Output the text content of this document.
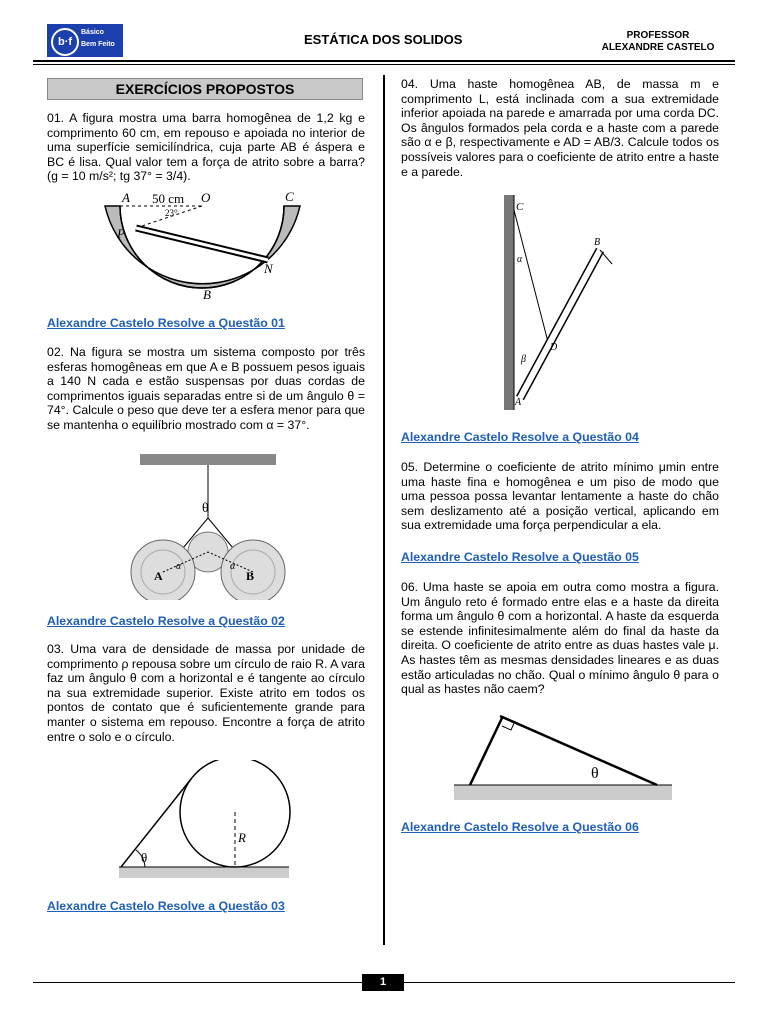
b·f
Básico
Bem Feito	ESTÁTICA DOS SOLIDOS	PROFESSOR
ALEXANDRE CASTELO
EXERCÍCIOS PROPOSTOS
01. A figura mostra uma barra homogênea de 1,2 kg e comprimento 60 cm, em repouso e apoiada no interior de uma superfície semicilíndrica, cuja parte AB é áspera e BC é lisa. Qual valor tem a força de atrito sobre a barra? (g = 10 m/s²; tg 37° = 3/4).
A 50 cm O	C
23°
P
N
B
Alexandre Castelo Resolve a Questão 01
02. Na figura se mostra um sistema composto por três esferas homogêneas em que A e B possuem pesos iguais a 140 N cada e estão suspensas por duas cordas de comprimentos iguais separadas entre si de um ângulo θ = 74°. Calcule o peso que deve ter a esfera menor para que se mantenha o equilíbrio mostrado com α = 37°.
θ
A	B
α	α
Alexandre Castelo Resolve a Questão 02
03. Uma vara de densidade de massa por unidade de comprimento ρ repousa sobre um círculo de raio R. A vara faz um ângulo θ com a horizontal e é tangente ao círculo na sua extremidade superior. Existe atrito em todos os pontos de contato que é suficientemente grande para manter o sistema em repouso. Encontre a força de atrito entre o solo e o círculo.
R
θ
Alexandre Castelo Resolve a Questão 03
04. Uma haste homogênea AB, de massa m e comprimento L, está inclinada com a sua extremidade inferior apoiada na parede e amarrada por uma corda DC. Os ângulos formados pela corda e a haste com a parede são α e β, respectivamente e AD = AB/3. Calcule todos os possíveis valores para o coeficiente de atrito entre a haste e a parede.
C
α
B
D
β
A
Alexandre Castelo Resolve a Questão 04
05. Determine o coeficiente de atrito mínimo μmin entre uma haste fina e homogênea e um piso de modo que uma pessoa possa levantar lentamente a haste do chão sem deslizamento até a posição vertical, aplicando em sua extremidade uma força perpendicular a ela.
Alexandre Castelo Resolve a Questão 05
06. Uma haste se apoia em outra como mostra a figura. Um ângulo reto é formado entre elas e a haste da direita forma um ângulo θ com a horizontal. A haste da esquerda se estende infinitesimalmente além do final da haste da direita. O coeficiente de atrito entre as duas hastes vale μ. As hastes têm as mesmas densidades lineares e as duas estão articuladas no chão. Qual o mínimo ângulo θ para o qual as hastes não caem?
θ
Alexandre Castelo Resolve a Questão 06
1
